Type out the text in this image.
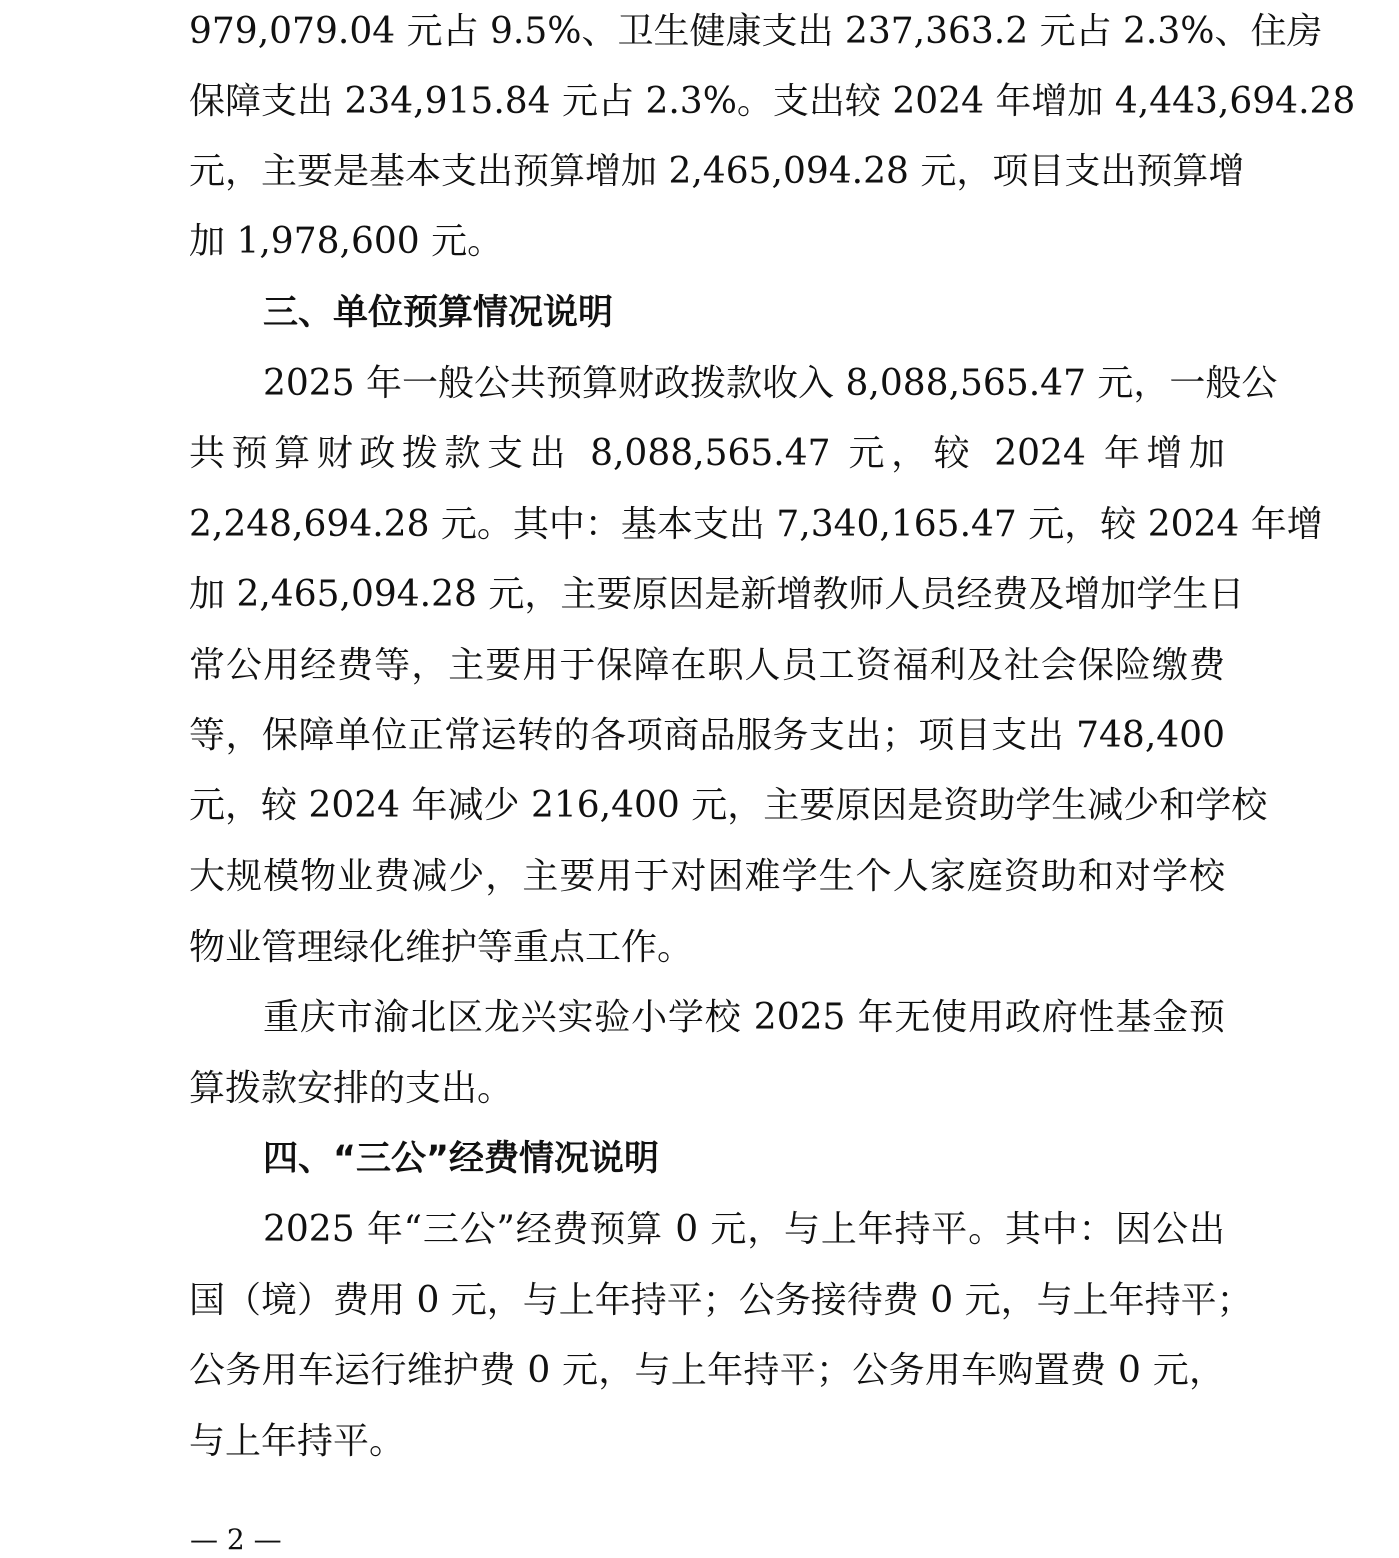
979,079.04 元占 9.5%、卫生健康支出 237,363.2 元占 2.3%、住房
保障支出 234,915.84 元占 2.3%。支出较 2024 年增加 4,443,694.28
元，主要是基本支出预算增加 2,465,094.28 元，项目支出预算增
加 1,978,600 元。
三、单位预算情况说明
2025 年一般公共预算财政拨款收入 8,088,565.47 元，一般公
共预算财政拨款支出 8,088,565.47 元，较 2024 年增加
2,248,694.28 元。其中：基本支出 7,340,165.47 元，较 2024 年增
加 2,465,094.28 元，主要原因是新增教师人员经费及增加学生日
常公用经费等，主要用于保障在职人员工资福利及社会保险缴费
等，保障单位正常运转的各项商品服务支出；项目支出 748,400
元，较 2024 年减少 216,400 元，主要原因是资助学生减少和学校
大规模物业费减少，主要用于对困难学生个人家庭资助和对学校
物业管理绿化维护等重点工作。
重庆市渝北区龙兴实验小学校 2025 年无使用政府性基金预
算拨款安排的支出。
四、“三公”经费情况说明
2025 年“三公”经费预算 0 元，与上年持平。其中：因公出
国（境）费用 0 元，与上年持平；公务接待费 0 元，与上年持平；
公务用车运行维护费 0 元，与上年持平；公务用车购置费 0 元，
与上年持平。
— 2 —
